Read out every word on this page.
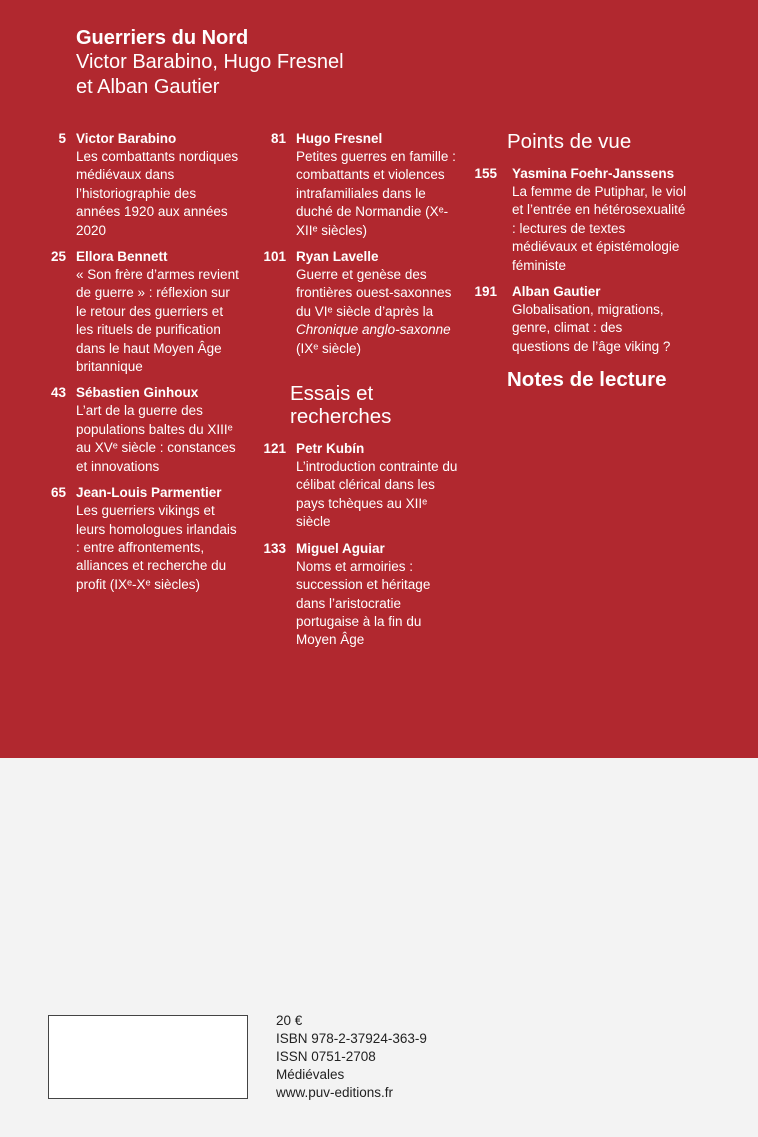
Guerriers du Nord
Victor Barabino, Hugo Fresnel
et Alban Gautier
5 Victor Barabino
Les combattants nordiques médiévaux dans l’historiographie des années 1920 aux années 2020
25 Ellora Bennett
« Son frère d’armes revient de guerre » : réflexion sur le retour des guerriers et les rituels de purification dans le haut Moyen Âge britannique
43 Sébastien Ginhoux
L’art de la guerre des populations baltes du XIIIᵉ au XVᵉ siècle : constances et innovations
65 Jean-Louis Parmentier
Les guerriers vikings et leurs homologues irlandais : entre affrontements, alliances et recherche du profit (IXᵉ-Xᵉ siècles)
81 Hugo Fresnel
Petites guerres en famille : combattants et violences intrafamiliales dans le duché de Normandie (Xᵉ-XIIᵉ siècles)
101 Ryan Lavelle
Guerre et genèse des frontières ouest-saxonnes du VIᵉ siècle d’après la Chronique anglo-saxonne (IXᵉ siècle)
Essais et recherches
121 Petr Kubín
L’introduction contrainte du célibat clérical dans les pays tchèques au XIIᵉ siècle
133 Miguel Aguiar
Noms et armoiries : succession et héritage dans l’aristocratie portugaise à la fin du Moyen Âge
Points de vue
155 Yasmina Foehr-Janssens
La femme de Putiphar, le viol et l’entrée en hétérosexualité : lectures de textes médiévaux et épistémologie féministe
191 Alban Gautier
Globalisation, migrations, genre, climat : des questions de l’âge viking ?
Notes de lecture
20 €
ISBN 978-2-37924-363-9
ISSN 0751-2708
Médiévales
www.puv-editions.fr
